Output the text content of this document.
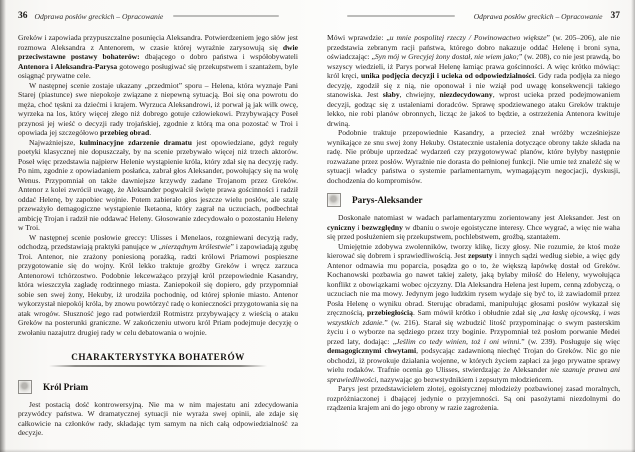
36 Odprawa posłów greckich – Opracowanie

Greków i zapowiada przypuszczalne posunięcia Aleksandra. Potwierdzeniem jego słów jest rozmowa Aleksandra z Antenorem, w czasie której wyraźnie zarysowują się dwie przeciwstawne postawy bohaterów: dbającego o dobro państwa i współobywateli Antenora i Aleksandra-Parysa gotowego posługiwać się przekupstwem i szantażem, byle osiągnąć prywatne cele.

W następnej scenie zostaje ukazany „przedmiot” sporu – Helena, która wyznaje Pani Starej (piastunce) swe niepokoje związane z niepewną sytuacją. Boi się ona powrotu do męża, choć tęskni za dziećmi i krajem. Wyrzuca Aleksandrowi, iż porwał ją jak wilk owcę, wyrzeka na los, który więcej złego niż dobrego gotuje człowiekowi. Przybywający Poseł przynosi jej wieść o decyzji rady trojańskiej, zgodnie z którą ma ona pozostać w Troi i opowiada jej szczegółowo przebieg obrad.

Najważniejsze, kulminacyjne zdarzenie dramatu jest opowiedziane, gdyż reguły poetyki klasycznej nie dopuszczały, by na scenie przebywało więcej niż trzech aktorów. Poseł więc przedstawia najpierw Helenie wystąpienie króla, który zdał się na decyzję rady. Po nim, zgodnie z opowiadaniem posłańca, zabrał głos Aleksander, powołujący się na wolę Wenus. Przypomniał on także dawniejsze krzywdy zadane Trojanom przez Greków. Antenor z kolei zwrócił uwagę, że Aleksander pogwałcił święte prawa gościnności i radził oddać Helenę, by zapobiec wojnie. Potem zabierało głos jeszcze wielu posłów, ale szalę przeważyło demagogiczne wystąpienie Iketaona, który zagrał na uczuciach, podbechtał ambicję Trojan i radził nie oddawać Heleny. Głosowanie zdecydowało o pozostaniu Heleny w Troi.

W następnej scenie posłowie greccy: Ulisses i Menelaos, rozgniewani decyzją rady, odchodzą, przedstawiają praktyki panujące w „nierządnym królestwie” i zapowiadają zgubę Troi. Antenor, nie zrażony poniesioną porażką, radzi królowi Priamowi pospieszne przygotowanie się do wojny. Król lekko traktuje groźby Greków i wręcz zarzuca Antenorowi tchórzostwo. Podobnie lekceważąco przyjął król przepowiednie Kasandry, która wieszczyła zagładę rodzinnego miasta. Zaniepokoił się dopiero, gdy przypomniał sobie sen swej żony, Hekuby, iż urodziła pochodnię, od której spłonie miasto. Antenor wykorzystał niepokój króla, by znowu powtórzyć radę o konieczności przygotowania się na atak wrogów. Słuszność jego rad potwierdził Rotmistrz przybywający z wieścią o ataku Greków na posterunki graniczne. W zakończeniu utworu król Priam podejmuje decyzję o zwołaniu nazajutrz drugiej rady w celu debatowania o wojnie.

CHARAKTERYSTYKA BOHATERÓW
Król Priam

Jest postacią dość kontrowersyjną. Nie ma w nim majestatu ani zdecydowania przywódcy państwa. W dramatycznej sytuacji nie wyraża swej opinii, ale zdaje się całkowicie na członków rady, składając tym samym na nich całą odpowiedzialność za decyzje.

Odprawa posłów greckich – Opracowanie 37

Mówi wprawdzie: „u mnie pospolitej rzeczy / Powinowactwo większe” (w. 205–206), ale nie przedstawia zebranym racji państwa, którego dobro nakazuje oddać Helenę i broni syna, oświadczając: „Syn mój w Grecyjej żony dostał, nie wiem jako;” (w. 208), co nie jest prawdą, bo wszyscy wiedzieli, iż Parys porwał Helenę łamiąc prawa gościnności. A więc krótko mówiąc: król kręci, unika podjęcia decyzji i ucieka od odpowiedzialności. Gdy rada podjęła za niego decyzję, zgodził się z nią, nie oponował i nie wziął pod uwagę konsekwencji takiego stanowiska. Jest słaby, chwiejny, niezdecydowany, wprost ucieka przed podejmowaniem decyzji, godząc się z ustaleniami doradców. Sprawę spodziewanego ataku Greków traktuje lekko, nie robi planów obronnych, licząc że jakoś to będzie, a ostrzeżenia Antenora kwituje drwiną.

Podobnie traktuje przepowiednie Kasandry, a przecież znał wróżby wcześniejsze wynikające ze snu swej żony Hekuby. Ostatecznie ustalenia dotyczące obrony także składa na radę. Nie próbuje uprzedzać wydarzeń czy przygotowywać planów, które byłyby następnie rozważane przez posłów. Wyraźnie nie dorasta do pełnionej funkcji. Nie umie też znaleźć się w sytuacji władcy państwa o systemie parlamentarnym, wymagającym negocjacji, dyskusji, dochodzenia do kompromisów.

Parys-Aleksander

Doskonale natomiast w wadach parlamentaryzmu zorientowany jest Aleksander. Jest on cyniczny i bezwzględny w dbaniu o swoje egoistyczne interesy. Chce wygrać, a więc nie waha się przed posłużeniem się przekupstwem, pochlebstwem, groźbą, szantażem.

Umiejętnie zdobywa zwolenników, tworzy klikę, liczy głosy. Nie rozumie, że ktoś może kierować się dobrem i sprawiedliwością. Jest zepsuty i innych sądzi według siebie, a więc gdy Antenor odmawia mu poparcia, posądza go o to, że większą łapówkę dostał od Greków. Kochanowski pozbawia go nawet takiej zalety, jaką byłaby miłość do Heleny, wywołująca konflikt z obowiązkami wobec ojczyzny. Dla Aleksandra Helena jest łupem, cenną zdobyczą, o uczuciach nie ma mowy. Jedynym jego ludzkim rysem wydaje się być to, iż zawiadomił przez Posła Helenę o wyniku obrad. Sterując obradami, manipulując głosami posłów wykazał się zręcznością, przebiegłością. Sam mówił krótko i obłudnie zdał się „na łaskę ojcowską, i was wszystkich zdanie.” (w. 216). Starał się wzbudzić litość przypominając o swym pasterskim życiu i o wyborze na sędziego przez trzy boginie. Przypomniał też posłom porwanie Medei przed laty, dodając: „Jeślim co tedy winien, toż i oni winni.” (w. 239). Posługuje się więc demagogicznymi chwytami, podsycając zadawnioną niechęć Trojan do Greków. Nic go nie obchodzi, iż prowokuje działania wojenne, w których życiem zapłaci za jego prywatne sprawy wielu rodaków. Trafnie ocenia go Ulisses, stwierdzając że Aleksander nie szanuje prawa ani sprawiedliwości, nazywając go bezwstydnikiem i zepsutym młodzieńcem.

Parys jest przedstawicielem złotej, egoistycznej młodzieży pozbawionej zasad moralnych, rozpróżniaczonej i dbającej jedynie o przyjemności. Są oni pasożytami niezdolnymi do rządzenia krajem ani do jego obrony w razie zagrożenia.
